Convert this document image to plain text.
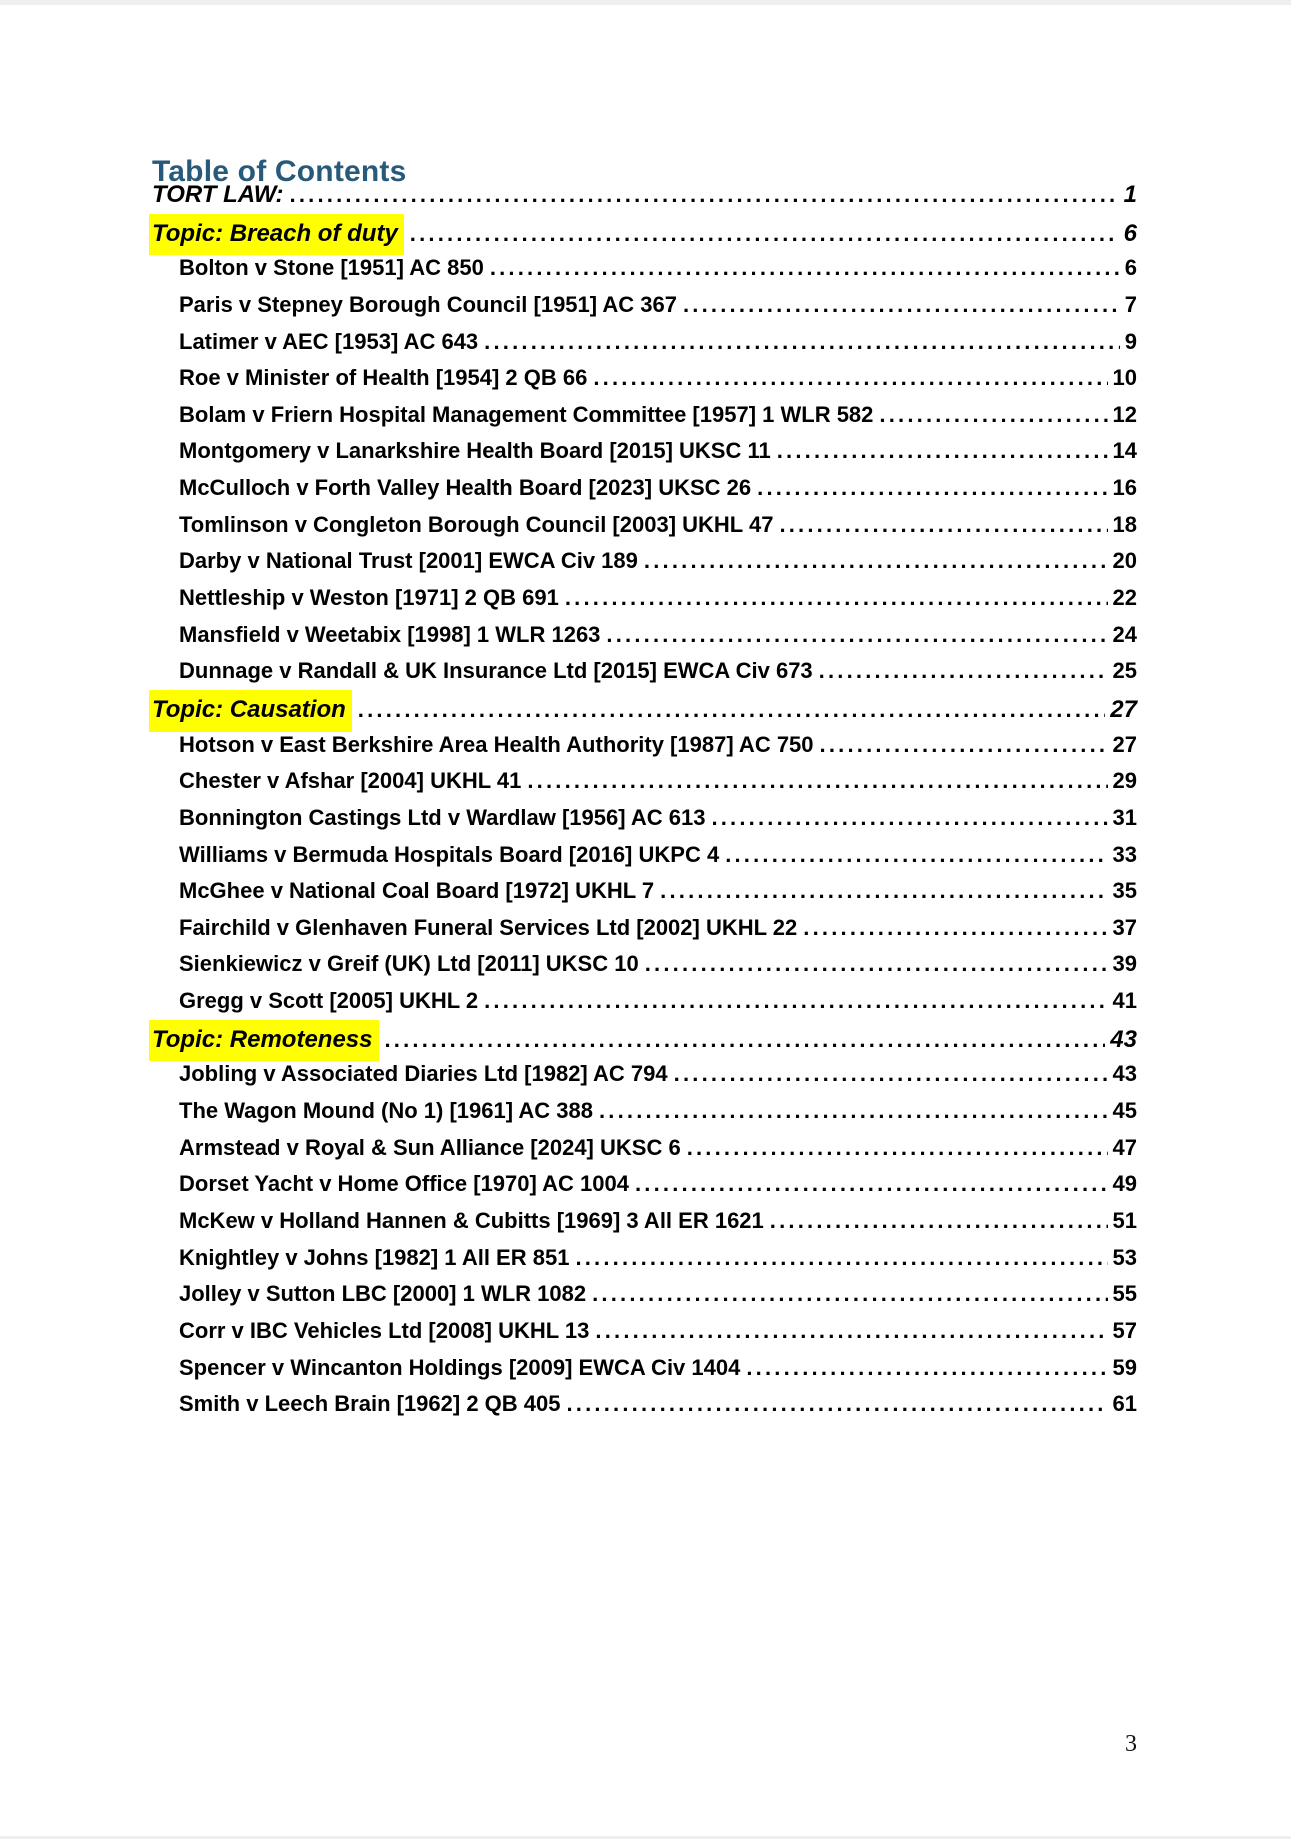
Table of Contents
TORT LAW: .....	1
Topic: Breach of duty .....	6
Bolton v Stone [1951] AC 850 .....	6
Paris v Stepney Borough Council [1951] AC 367 .....	7
Latimer v AEC [1953] AC 643 .....	9
Roe v Minister of Health [1954] 2 QB 66 .....	10
Bolam v Friern Hospital Management Committee [1957] 1 WLR 582 .....	12
Montgomery v Lanarkshire Health Board [2015] UKSC 11 .....	14
McCulloch v Forth Valley Health Board [2023] UKSC 26 .....	16
Tomlinson v Congleton Borough Council [2003] UKHL 47 .....	18
Darby v National Trust [2001] EWCA Civ 189 .....	20
Nettleship v Weston [1971] 2 QB 691 .....	22
Mansfield v Weetabix [1998] 1 WLR 1263 .....	24
Dunnage v Randall & UK Insurance Ltd [2015] EWCA Civ 673 .....	25
Topic: Causation .....	27
Hotson v East Berkshire Area Health Authority [1987] AC 750 .....	27
Chester v Afshar [2004] UKHL 41 .....	29
Bonnington Castings Ltd v Wardlaw [1956] AC 613 .....	31
Williams v Bermuda Hospitals Board [2016] UKPC 4 .....	33
McGhee v National Coal Board [1972] UKHL 7 .....	35
Fairchild v Glenhaven Funeral Services Ltd [2002] UKHL 22 .....	37
Sienkiewicz v Greif (UK) Ltd [2011] UKSC 10 .....	39
Gregg v Scott [2005] UKHL 2 .....	41
Topic: Remoteness .....	43
Jobling v Associated Diaries Ltd [1982] AC 794 .....	43
The Wagon Mound (No 1) [1961] AC 388 .....	45
Armstead v Royal & Sun Alliance [2024] UKSC 6 .....	47
Dorset Yacht v Home Office [1970] AC 1004 .....	49
McKew v Holland Hannen & Cubitts [1969] 3 All ER 1621 .....	51
Knightley v Johns [1982] 1 All ER 851 .....	53
Jolley v Sutton LBC [2000] 1 WLR 1082 .....	55
Corr v IBC Vehicles Ltd [2008] UKHL 13 .....	57
Spencer v Wincanton Holdings [2009] EWCA Civ 1404 .....	59
Smith v Leech Brain [1962] 2 QB 405 .....	61
3
